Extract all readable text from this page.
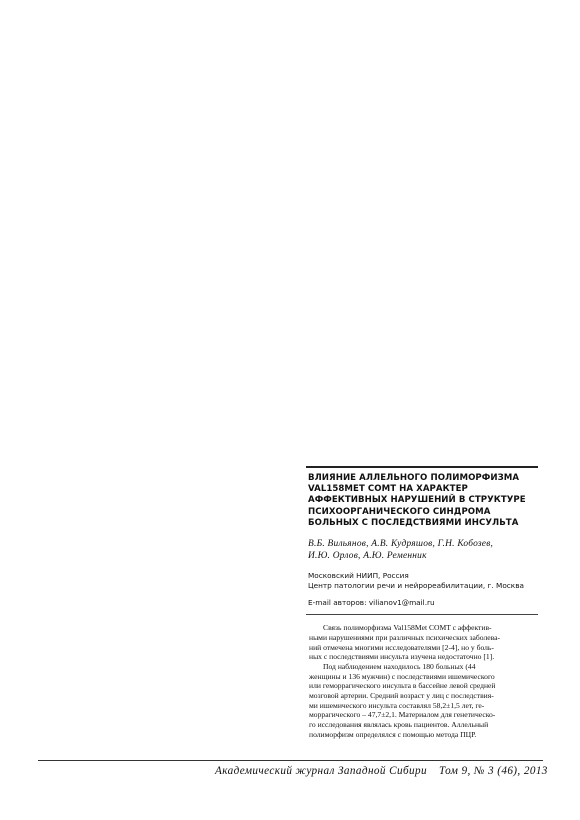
ВЛИЯНИЕ АЛЛЕЛЬНОГО ПОЛИМОРФИЗМА
VAL158MET COMT НА ХАРАКТЕР
АФФЕКТИВНЫХ НАРУШЕНИЙ В СТРУКТУРЕ
ПСИХООРГАНИЧЕСКОГО СИНДРОМА
БОЛЬНЫХ С ПОСЛЕДСТВИЯМИ ИНСУЛЬТА
В.Б. Вильянов, А.В. Кудряшов, Г.Н. Кобозев,
И.Ю. Орлов, А.Ю. Ременник
Московский НИИП, Россия
Центр патологии речи и нейрореабилитации, г. Москва
E-mail авторов: vilianov1@mail.ru
Связь полиморфизма Val158Met COMT с аффектив-
ными нарушениями при различных психических заболева-
ний отмечена многими исследователями [2-4], но у боль-
ных с последствиями инсульта изучена недостаточно [1].
Под наблюдением находилось 180 больных (44
женщины и 136 мужчин) с последствиями ишемического
или геморрагического инсульта в бассейне левой средней
мозговой артерии. Средний возраст у лиц с последствия-
ми ишемического инсульта составлял 58,2±1,5 лет, ге-
моррагического – 47,7±2,1. Материалом для генетическо-
го исследования являлась кровь пациентов. Аллельный
полиморфизм определялся с помощью метода ПЦР.
Академический журнал Западной Сибири Том 9, № 3 (46), 2013
